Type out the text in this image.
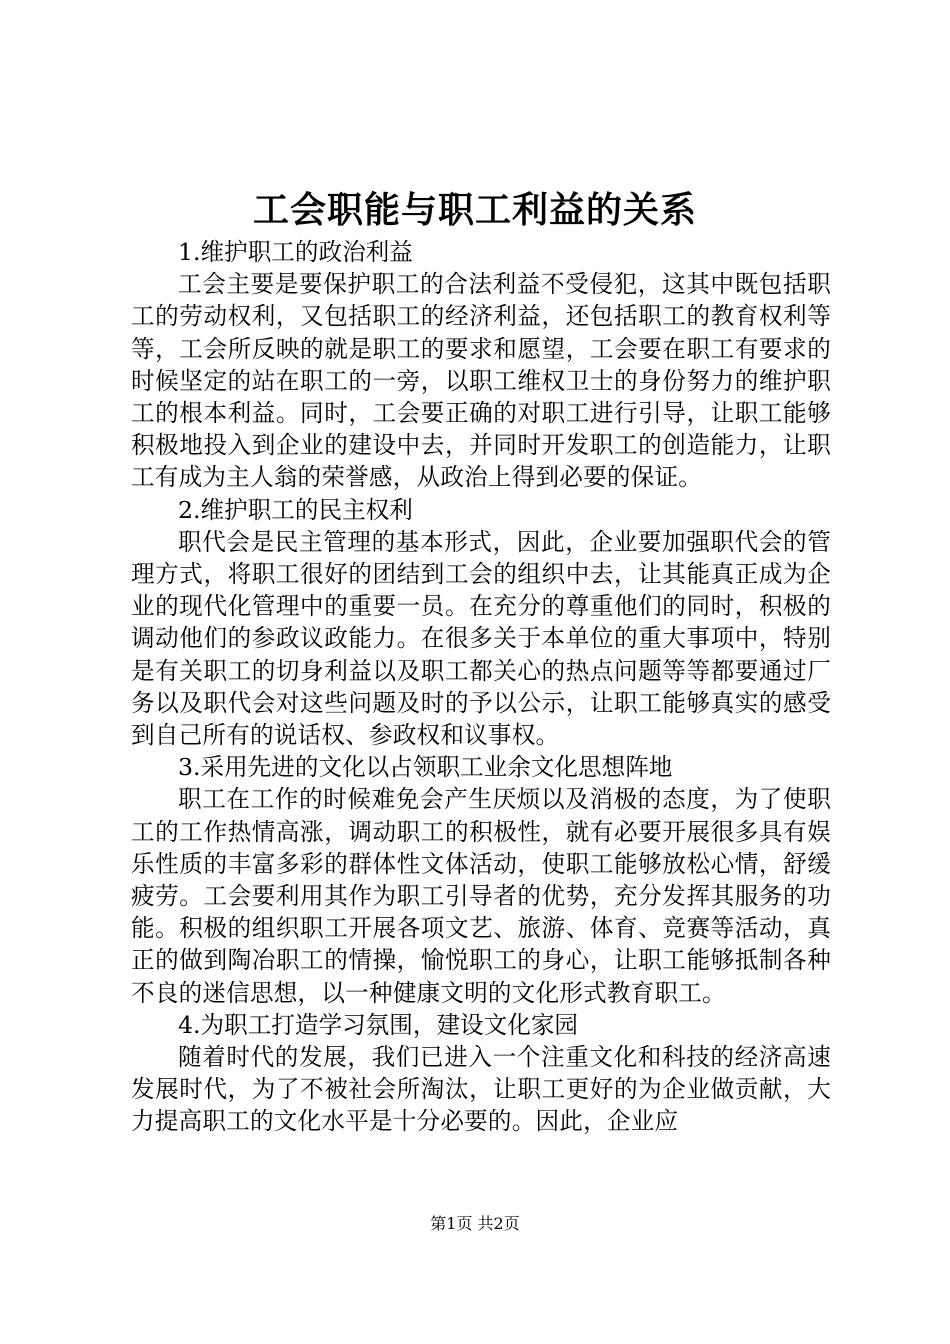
工会职能与职工利益的关系

1.维护职工的政治利益

工会主要是要保护职工的合法利益不受侵犯，这其中既包括职工的劳动权利，又包括职工的经济利益，还包括职工的教育权利等等，工会所反映的就是职工的要求和愿望，工会要在职工有要求的时候坚定的站在职工的一旁，以职工维权卫士的身份努力的维护职工的根本利益。同时，工会要正确的对职工进行引导，让职工能够积极地投入到企业的建设中去，并同时开发职工的创造能力，让职工有成为主人翁的荣誉感，从政治上得到必要的保证。

2.维护职工的民主权利

职代会是民主管理的基本形式，因此，企业要加强职代会的管理方式，将职工很好的团结到工会的组织中去，让其能真正成为企业的现代化管理中的重要一员。在充分的尊重他们的同时，积极的调动他们的参政议政能力。在很多关于本单位的重大事项中，特别是有关职工的切身利益以及职工都关心的热点问题等等都要通过厂务以及职代会对这些问题及时的予以公示，让职工能够真实的感受到自己所有的说话权、参政权和议事权。

3.采用先进的文化以占领职工业余文化思想阵地

职工在工作的时候难免会产生厌烦以及消极的态度，为了使职工的工作热情高涨，调动职工的积极性，就有必要开展很多具有娱乐性质的丰富多彩的群体性文体活动，使职工能够放松心情，舒缓疲劳。工会要利用其作为职工引导者的优势，充分发挥其服务的功能。积极的组织职工开展各项文艺、旅游、体育、竞赛等活动，真正的做到陶冶职工的情操，愉悦职工的身心，让职工能够抵制各种不良的迷信思想，以一种健康文明的文化形式教育职工。

4.为职工打造学习氛围，建设文化家园

随着时代的发展，我们已进入一个注重文化和科技的经济高速发展时代，为了不被社会所淘汰，让职工更好的为企业做贡献，大力提高职工的文化水平是十分必要的。因此，企业应

第1页 共2页
